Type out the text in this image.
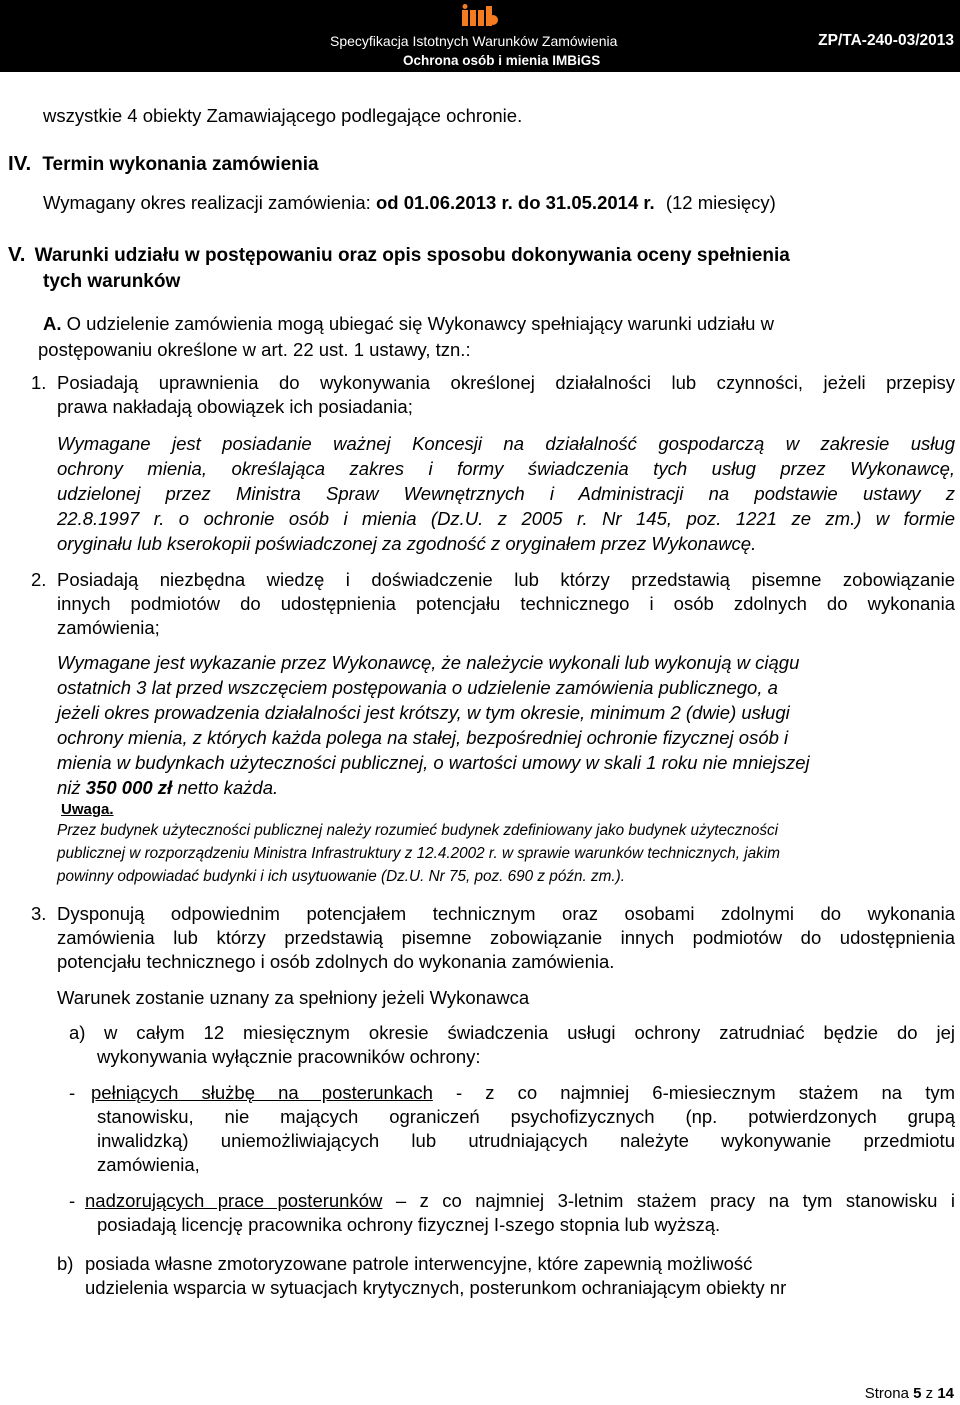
Specyfikacja Istotnych Warunków Zamówienia	ZP/TA-240-03/2013
Ochrona osób i mienia IMBiGS
wszystkie 4 obiekty Zamawiającego podlegające ochronie.
IV. Termin wykonania zamówienia
Wymagany okres realizacji zamówienia: od 01.06.2013 r. do 31.05.2014 r. (12 miesięcy)
V. Warunki udziału w postępowaniu oraz opis sposobu dokonywania oceny spełnienia
tych warunków
A. O udzielenie zamówienia mogą ubiegać się Wykonawcy spełniający warunki udziału w
postępowaniu określone w art. 22 ust. 1 ustawy, tzn.:
1. Posiadają uprawnienia do wykonywania określonej działalności lub czynności, jeżeli przepisy
prawa nakładają obowiązek ich posiadania;
Wymagane jest posiadanie ważnej Koncesji na działalność gospodarczą w zakresie usług
ochrony mienia, określająca zakres i formy świadczenia tych usług przez Wykonawcę,
udzielonej przez Ministra Spraw Wewnętrznych i Administracji na podstawie ustawy z
22.8.1997 r. o ochronie osób i mienia (Dz.U. z 2005 r. Nr 145, poz. 1221 ze zm.) w formie
oryginału lub kserokopii poświadczonej za zgodność z oryginałem przez Wykonawcę.
2. Posiadają niezbędna wiedzę i doświadczenie lub którzy przedstawią pisemne zobowiązanie
innych podmiotów do udostępnienia potencjału technicznego i osób zdolnych do wykonania
zamówienia;
Wymagane jest wykazanie przez Wykonawcę, że należycie wykonali lub wykonują w ciągu
ostatnich 3 lat przed wszczęciem postępowania o udzielenie zamówienia publicznego, a
jeżeli okres prowadzenia działalności jest krótszy, w tym okresie, minimum 2 (dwie) usługi
ochrony mienia, z których każda polega na stałej, bezpośredniej ochronie fizycznej osób i
mienia w budynkach użyteczności publicznej, o wartości umowy w skali 1 roku nie mniejszej
niż 350 000 zł netto każda.
Uwaga.
Przez budynek użyteczności publicznej należy rozumieć budynek zdefiniowany jako budynek użyteczności
publicznej w rozporządzeniu Ministra Infrastruktury z 12.4.2002 r. w sprawie warunków technicznych, jakim
powinny odpowiadać budynki i ich usytuowanie (Dz.U. Nr 75, poz. 690 z późn. zm.).
3. Dysponują odpowiednim potencjałem technicznym oraz osobami zdolnymi do wykonania
zamówienia lub którzy przedstawią pisemne zobowiązanie innych podmiotów do udostępnienia
potencjału technicznego i osób zdolnych do wykonania zamówienia.
Warunek zostanie uznany za spełniony jeżeli Wykonawca
a) w całym 12 miesięcznym okresie świadczenia usługi ochrony zatrudniać będzie do jej
wykonywania wyłącznie pracowników ochrony:
- pełniących służbę na posterunkach - z co najmniej 6-miesiecznym stażem na tym
stanowisku, nie mających ograniczeń psychofizycznych (np. potwierdzonych grupą
inwalidzką) uniemożliwiających lub utrudniających należyte wykonywanie przedmiotu
zamówienia,
- nadzorujących prace posterunków – z co najmniej 3-letnim stażem pracy na tym stanowisku i
posiadają licencję pracownika ochrony fizycznej I-szego stopnia lub wyższą.
b) posiada własne zmotoryzowane patrole interwencyjne, które zapewnią możliwość
udzielenia wsparcia w sytuacjach krytycznych, posterunkom ochraniającym obiekty nr
Strona 5 z 14
